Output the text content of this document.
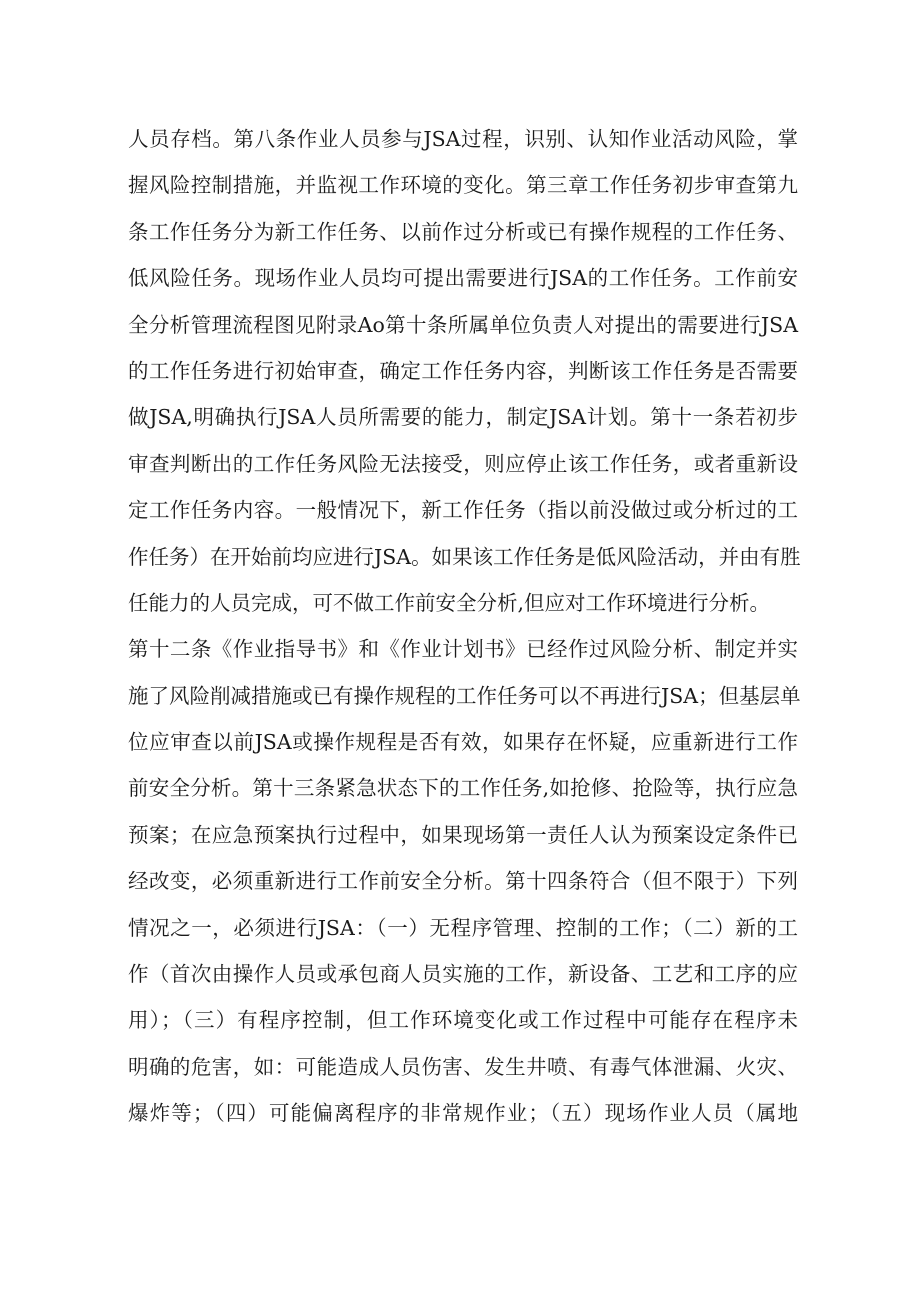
人员存档。第八条作业人员参与JSA过程，识别、认知作业活动风险，掌
握风险控制措施，并监视工作环境的变化。第三章工作任务初步审查第九
条工作任务分为新工作任务、以前作过分析或已有操作规程的工作任务、
低风险任务。现场作业人员均可提出需要进行JSA的工作任务。工作前安
全分析管理流程图见附录Ao第十条所属单位负责人对提出的需要进行JSA
的工作任务进行初始审查，确定工作任务内容，判断该工作任务是否需要
做JSA,明确执行JSA人员所需要的能力，制定JSA计划。第十一条若初步
审查判断出的工作任务风险无法接受，则应停止该工作任务，或者重新设
定工作任务内容。一般情况下，新工作任务（指以前没做过或分析过的工
作任务）在开始前均应进行JSA。如果该工作任务是低风险活动，并由有胜
任能力的人员完成，可不做工作前安全分析,但应对工作环境进行分析。
第十二条《作业指导书》和《作业计划书》已经作过风险分析、制定并实
施了风险削减措施或已有操作规程的工作任务可以不再进行JSA；但基层单
位应审查以前JSA或操作规程是否有效，如果存在怀疑，应重新进行工作
前安全分析。第十三条紧急状态下的工作任务,如抢修、抢险等，执行应急
预案；在应急预案执行过程中，如果现场第一责任人认为预案设定条件已
经改变，必须重新进行工作前安全分析。第十四条符合（但不限于）下列
情况之一，必须进行JSA：（一）无程序管理、控制的工作；（二）新的工
作（首次由操作人员或承包商人员实施的工作，新设备、工艺和工序的应
用）；（三）有程序控制，但工作环境变化或工作过程中可能存在程序未
明确的危害，如：可能造成人员伤害、发生井喷、有毒气体泄漏、火灾、
爆炸等；（四）可能偏离程序的非常规作业；（五）现场作业人员（属地
